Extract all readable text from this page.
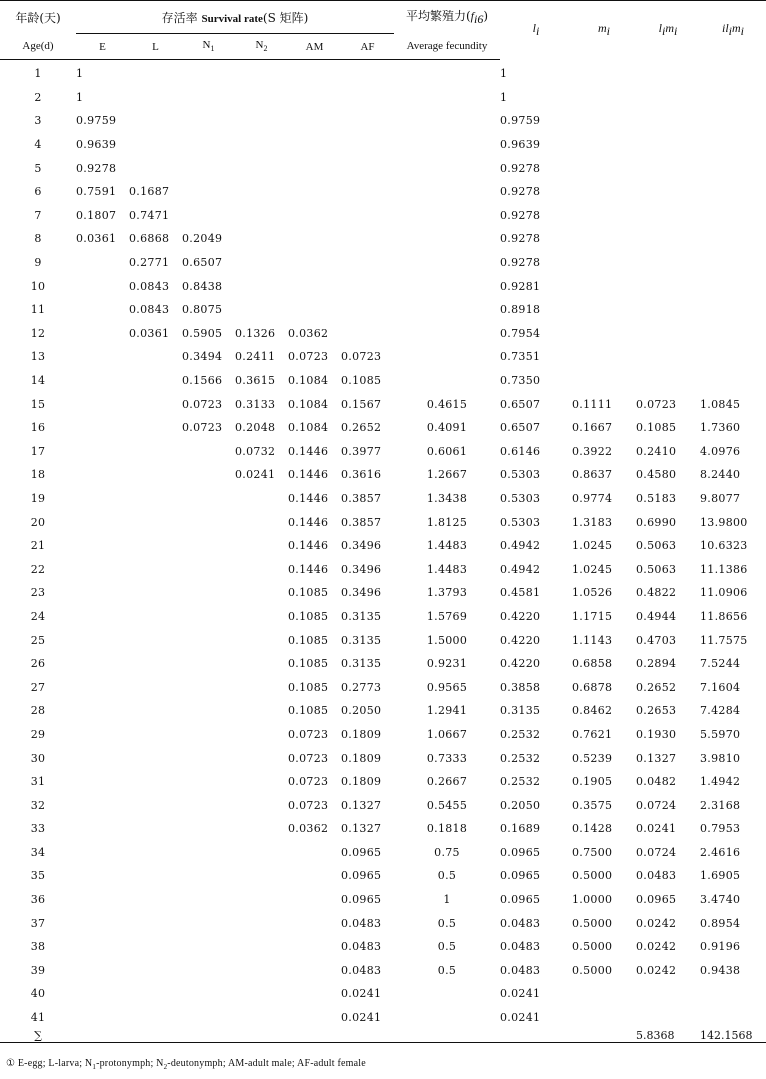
年龄(天)	存活率 Survival rate(S 矩阵)						平均繁殖力$(f_{i6})$	$l_i$	$m_i$	$l_im_i$	$il_im_i$
Age(d)	E	L	$N_1$	$N_2$	AM	AF	Average fecundity				
1	1							1			
2	1							1			
3	0.9759							0.9759			
4	0.9639							0.9639			
5	0.9278							0.9278			
6	0.7591	0.1687						0.9278			
7	0.1807	0.7471						0.9278			
8	0.0361	0.6868	0.2049					0.9278			
9		0.2771	0.6507					0.9278			
10		0.0843	0.8438					0.9281			
11		0.0843	0.8075					0.8918			
12		0.0361	0.5905	0.1326	0.0362			0.7954			
13			0.3494	0.2411	0.0723	0.0723		0.7351			
14			0.1566	0.3615	0.1084	0.1085		0.7350			
15			0.0723	0.3133	0.1084	0.1567	0.4615	0.6507	0.1111	0.0723	1.0845
16			0.0723	0.2048	0.1084	0.2652	0.4091	0.6507	0.1667	0.1085	1.7360
17				0.0732	0.1446	0.3977	0.6061	0.6146	0.3922	0.2410	4.0976
18				0.0241	0.1446	0.3616	1.2667	0.5303	0.8637	0.4580	8.2440
19					0.1446	0.3857	1.3438	0.5303	0.9774	0.5183	9.8077
20					0.1446	0.3857	1.8125	0.5303	1.3183	0.6990	13.9800
21					0.1446	0.3496	1.4483	0.4942	1.0245	0.5063	10.6323
22					0.1446	0.3496	1.4483	0.4942	1.0245	0.5063	11.1386
23					0.1085	0.3496	1.3793	0.4581	1.0526	0.4822	11.0906
24					0.1085	0.3135	1.5769	0.4220	1.1715	0.4944	11.8656
25					0.1085	0.3135	1.5000	0.4220	1.1143	0.4703	11.7575
26					0.1085	0.3135	0.9231	0.4220	0.6858	0.2894	7.5244
27					0.1085	0.2773	0.9565	0.3858	0.6878	0.2652	7.1604
28					0.1085	0.2050	1.2941	0.3135	0.8462	0.2653	7.4284
29					0.0723	0.1809	1.0667	0.2532	0.7621	0.1930	5.5970
30					0.0723	0.1809	0.7333	0.2532	0.5239	0.1327	3.9810
31					0.0723	0.1809	0.2667	0.2532	0.1905	0.0482	1.4942
32					0.0723	0.1327	0.5455	0.2050	0.3575	0.0724	2.3168
33					0.0362	0.1327	0.1818	0.1689	0.1428	0.0241	0.7953
34						0.0965	0.75	0.0965	0.7500	0.0724	2.4616
35						0.0965	0.5	0.0965	0.5000	0.0483	1.6905
36						0.0965	1	0.0965	1.0000	0.0965	3.4740
37						0.0483	0.5	0.0483	0.5000	0.0242	0.8954
38						0.0483	0.5	0.0483	0.5000	0.0242	0.9196
39						0.0483	0.5	0.0483	0.5000	0.0242	0.9438
40						0.0241		0.0241			
41						0.0241		0.0241			
∑										5.8368	142.1568
① E-egg; L-larva; $N_1$-protonymph; $N_2$-deutonymph; AM-adult male; AF-adult female
